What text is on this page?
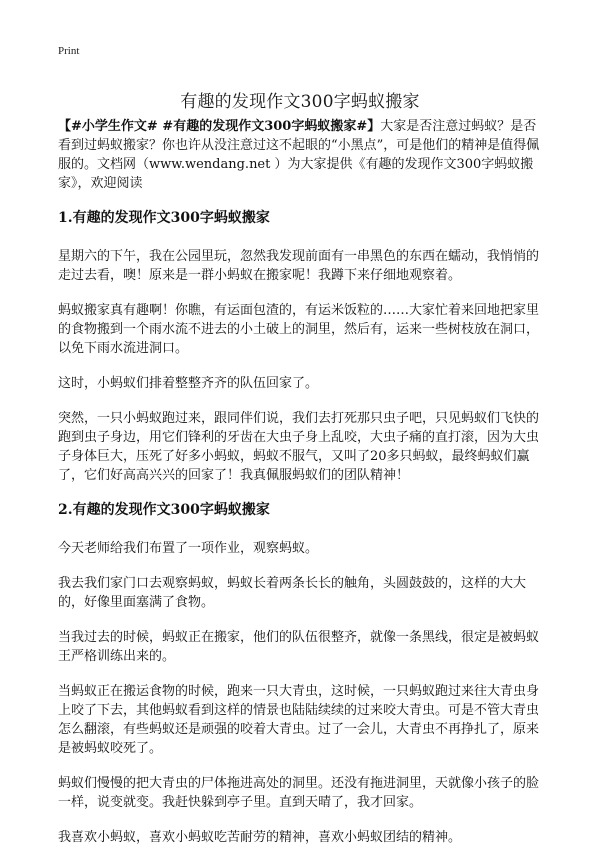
Print
有趣的发现作文300字蚂蚁搬家

【#小学生作文# #有趣的发现作文300字蚂蚁搬家#】大家是否注意过蚂蚁？是否看到过蚂蚁搬家？你也许从没注意过这不起眼的“小黑点”，可是他们的精神是值得佩服的。文档网（www.wendang.net ）为大家提供《有趣的发现作文300字蚂蚁搬家》，欢迎阅读

1.有趣的发现作文300字蚂蚁搬家

星期六的下午，我在公园里玩，忽然我发现前面有一串黑色的东西在蠕动，我悄悄的走过去看，噢！原来是一群小蚂蚁在搬家呢！我蹲下来仔细地观察着。

蚂蚁搬家真有趣啊！你瞧，有运面包渣的，有运米饭粒的……大家忙着来回地把家里的食物搬到一个雨水流不进去的小土破上的洞里，然后有，运来一些树枝放在洞口，以免下雨水流进洞口。

这时，小蚂蚁们排着整整齐齐的队伍回家了。

突然，一只小蚂蚁跑过来，跟同伴们说，我们去打死那只虫子吧，只见蚂蚁们飞快的跑到虫子身边，用它们锋利的牙齿在大虫子身上乱咬，大虫子痛的直打滚，因为大虫子身体巨大，压死了好多小蚂蚁，蚂蚁不服气，又叫了20多只蚂蚁，最终蚂蚁们赢了，它们好高高兴兴的回家了！我真佩服蚂蚁们的团队精神！

2.有趣的发现作文300字蚂蚁搬家

今天老师给我们布置了一项作业，观察蚂蚁。

我去我们家门口去观察蚂蚁，蚂蚁长着两条长长的触角，头圆鼓鼓的，这样的大大的，好像里面塞满了食物。

当我过去的时候，蚂蚁正在搬家，他们的队伍很整齐，就像一条黑线，很定是被蚂蚁王严格训练出来的。

当蚂蚁正在搬运食物的时候，跑来一只大青虫，这时候，一只蚂蚁跑过来往大青虫身上咬了下去，其他蚂蚁看到这样的情景也陆陆续续的过来咬大青虫。可是不管大青虫怎么翻滚，有些蚂蚁还是顽强的咬着大青虫。过了一会儿，大青虫不再挣扎了，原来是被蚂蚁咬死了。

蚂蚁们慢慢的把大青虫的尸体拖进高处的洞里。还没有拖进洞里，天就像小孩子的脸一样，说变就变。我赶快躲到亭子里。直到天晴了，我才回家。

我喜欢小蚂蚁，喜欢小蚂蚁吃苦耐劳的精神，喜欢小蚂蚁团结的精神。
